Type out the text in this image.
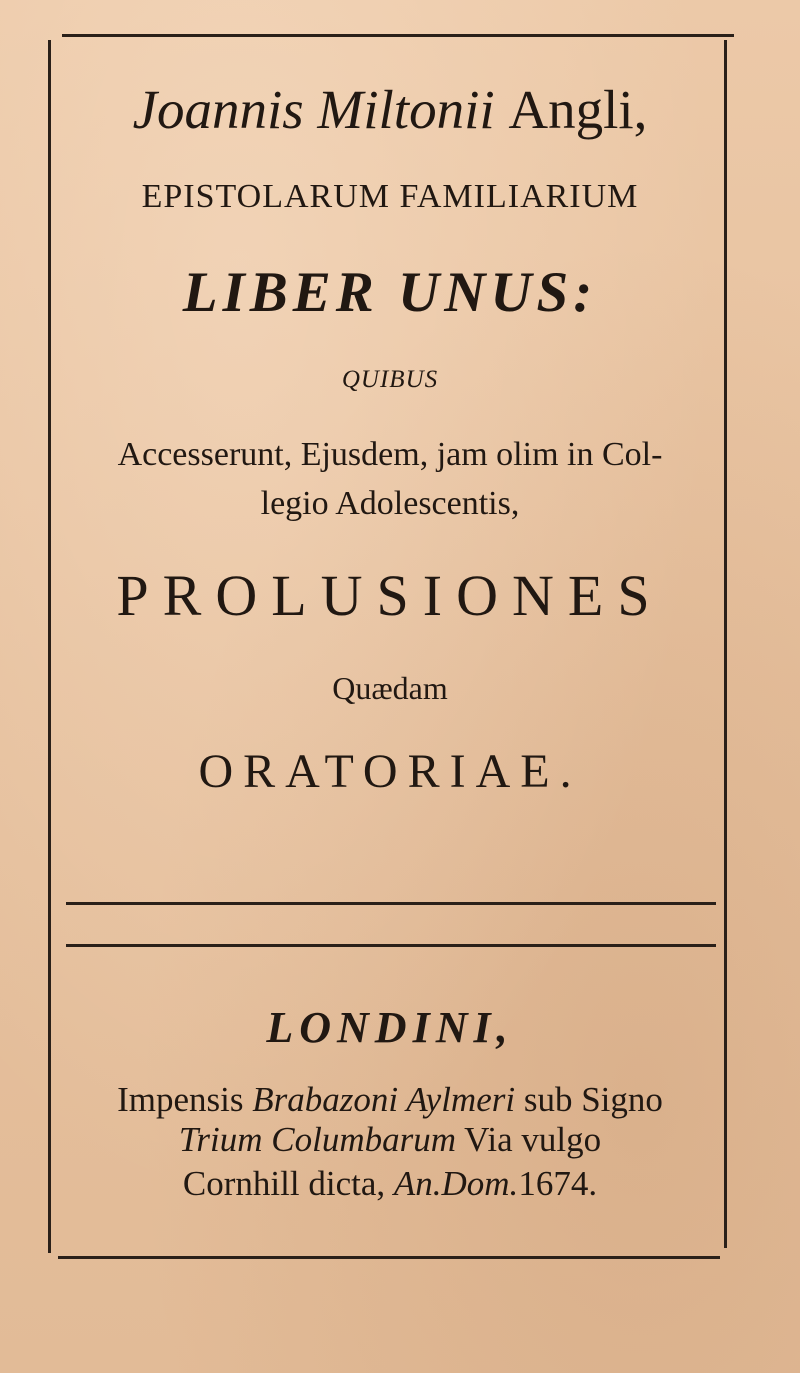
Joannis Miltonii Angli,
EPISTOLARUM FAMILIARIUM
LIBER UNUS:
QUIBUS
Accesserunt, Ejusdem, jam olim in Col-
legio Adolescentis,
PROLUSIONES
Quædam
ORATORIAE.
LONDINI,
Impensis Brabazoni Aylmeri sub Signo
Trium Columbarum Via vulgo
Cornhill dicta, An.Dom.1674.
